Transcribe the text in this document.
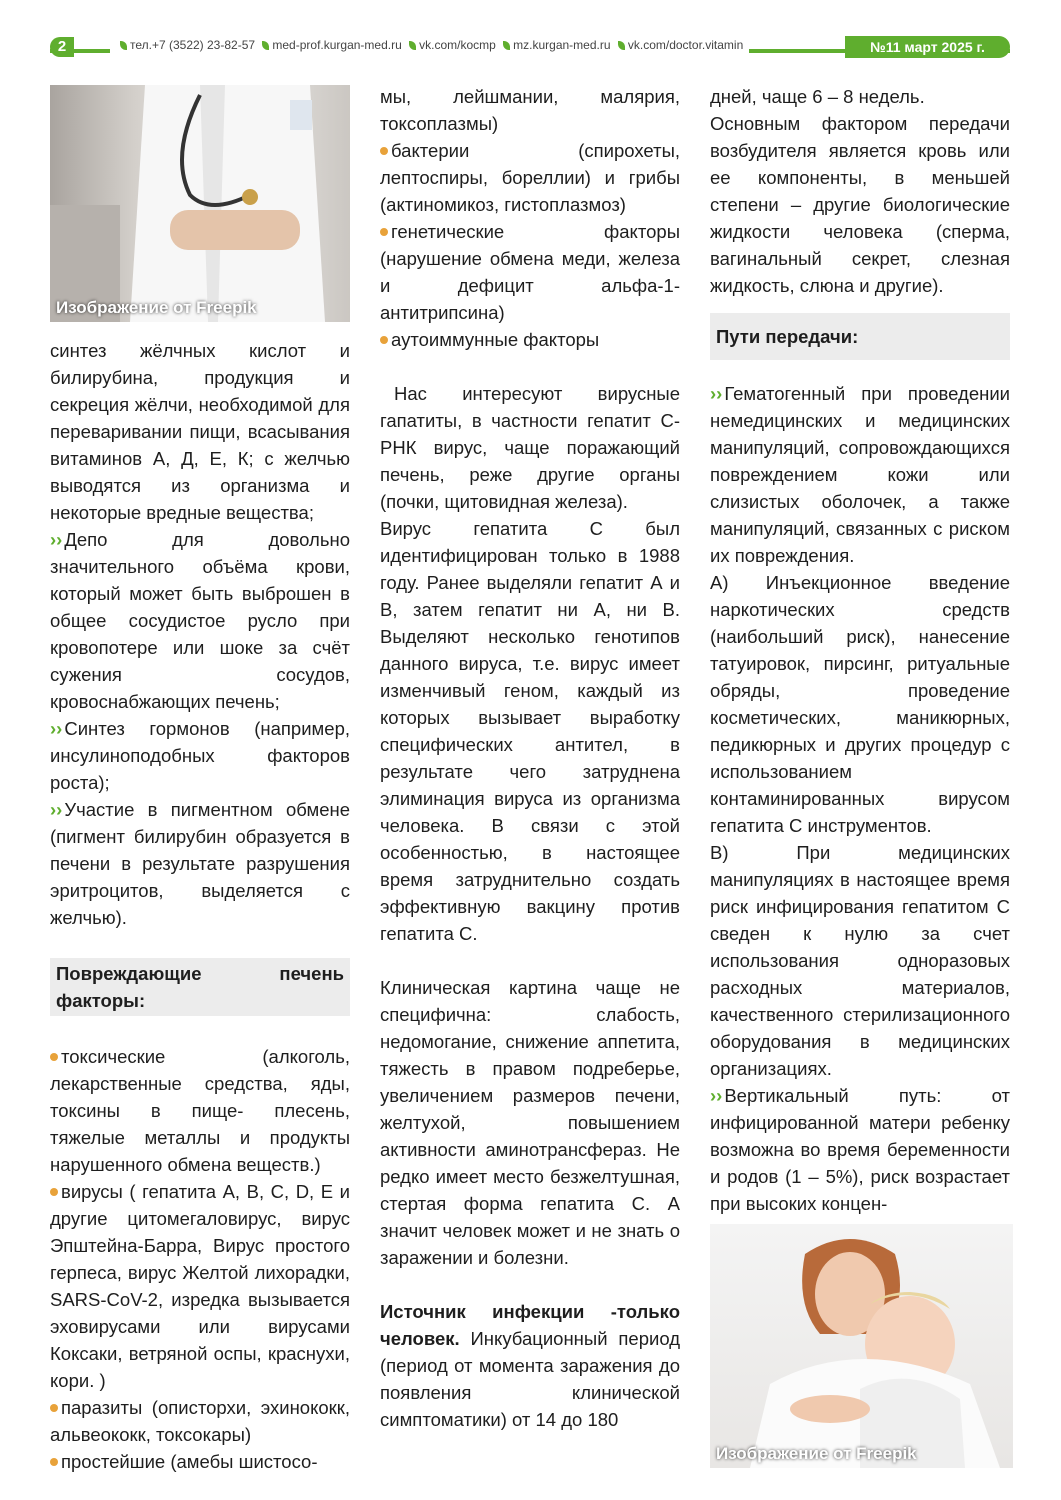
2	тел.+7 (3522) 23-82-57 med-prof.kurgan-med.ru vk.com/kocmp mz.kurgan-med.ru vk.com/doctor.vitamin	№11 март 2025 г.
Изображение от Freepik

синтез жёлчных кислот и билирубина, продукция и секреция жёлчи, необходимой для переваривании пищи, всасывания витаминов А, Д, Е, К; с желчью выводятся из организма и некоторые вредные вещества;

›› Депо для довольно значительного объёма крови, который может быть выброшен в общее сосудистое русло при кровопотере или шоке за счёт сужения сосудов, кровоснабжающих печень;

›› Синтез гормонов (например, инсулиноподобных факторов роста);

›› Участие в пигментном обмене (пигмент билирубин образуется в печени в результате разрушения эритроцитов, выделяется с желчью).

Повреждающие печень факторы:

токсические (алкоголь, лекарственные средства, яды, токсины в пище- плесень, тяжелые металлы и продукты нарушенного обмена веществ.)

вирусы ( гепатита А, В, С, D, Е и другие цитомегаловирус, вирус Эпштейна-Барра, Вирус простого герпеса, вирус Желтой лихорадки, SARS-CoV-2, изредка вызывается эховирусами или вирусами Коксаки, ветряной оспы, краснухи, кори. )

паразиты (описторхи, эхинококк, альвеококк, токсокары)

простейшие (амебы шистосо-

мы, лейшмании, малярия, токсоплазмы)

бактерии (спирохеты, лептоспиры, бореллии) и грибы (актиномикоз, гистоплазмоз)

генетические факторы (нарушение обмена меди, железа и дефицит альфа-1-антитрипсина)

аутоиммунные факторы

Нас интересуют вирусные гапатиты, в частности гепатит С- РНК вирус, чаще поражающий печень, реже другие органы (почки, щитовидная железа).

Вирус гепатита С был идентифицирован только в 1988 году. Ранее выделяли гепатит А и В, затем гепатит ни А, ни В. Выделяют несколько генотипов данного вируса, т.е. вирус имеет изменчивый геном, каждый из которых вызывает выработку специфических антител, в результате чего затруднена элиминация вируса из организма человека. В связи с этой особенностью, в настоящее время затруднительно создать эффективную вакцину против гепатита С.

Клиническая картина чаще не специфична: слабость, недомогание, снижение аппетита, тяжесть в правом подреберье, увеличением размеров печени, желтухой, повышением активности аминотрансфераз. Не редко имеет место безжелтушная, стертая форма гепатита С. А значит человек может и не знать о заражении и болезни.

Источник инфекции -только человек. Инкубационный период (период от момента заражения до появления клинической симптоматики) от 14 до 180

дней, чаще 6 – 8 недель.

Основным фактором передачи возбудителя является кровь или ее компоненты, в меньшей степени – другие биологические жидкости человека (сперма, вагинальный секрет, слезная жидкость, слюна и другие).

Пути передачи:

›› Гематогенный при проведении немедицинских и медицинских манипуляций, сопровождающихся повреждением кожи или слизистых оболочек, а также манипуляций, связанных с риском их повреждения.

А) Инъекционное введение наркотических средств (наибольший риск), нанесение татуировок, пирсинг, ритуальные обряды, проведение косметических, маникюрных, педикюрных и других процедур с использованием контаминированных вирусом гепатита С инструментов.

В) При медицинских манипуляциях в настоящее время риск инфицирования гепатитом С сведен к нулю за счет использования одноразовых расходных материалов, качественного стерилизационного оборудования в медицинских организациях.

›› Вертикальный путь: от инфицированной матери ребенку возможна во время беременности и родов (1 – 5%), риск возрастает при высоких концен-

Изображение от Freepik
